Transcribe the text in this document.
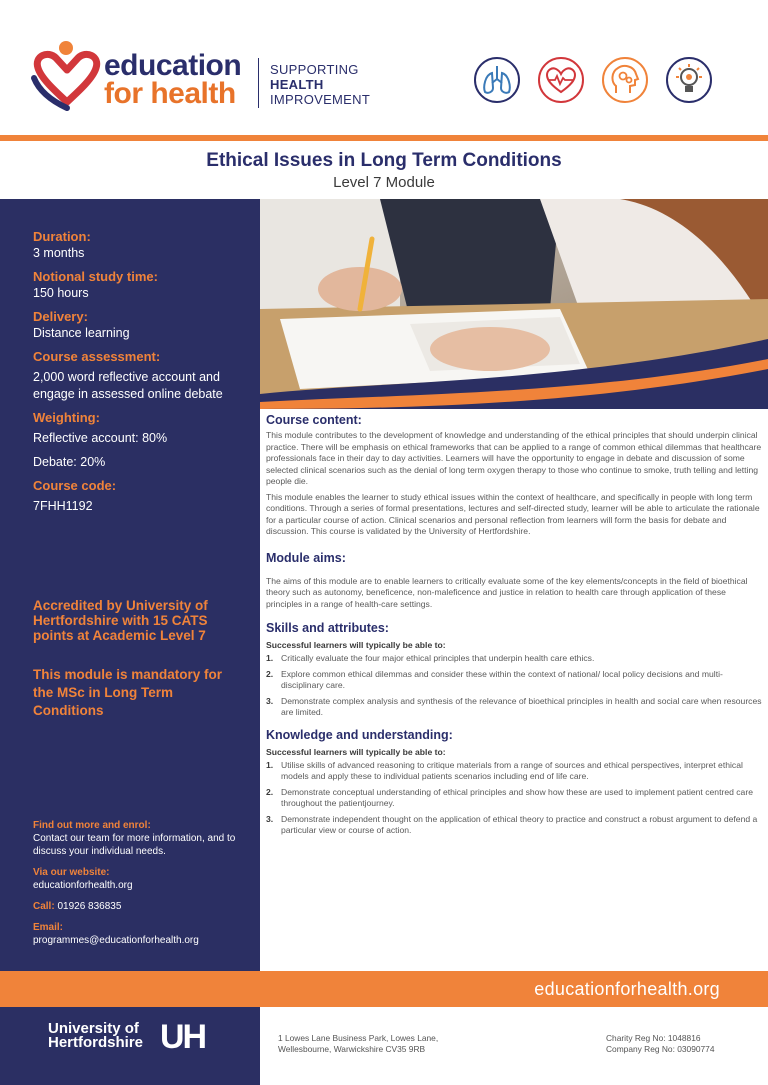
education
for health
SUPPORTING
HEALTH
IMPROVEMENT
Ethical Issues in Long Term Conditions
Level 7 Module
Duration:
3 months
Notional study time:
150 hours
Delivery:
Distance learning
Course assessment:
2,000 word reflective account and engage in assessed online debate
Weighting:
Reflective account: 80%
Debate: 20%
Course code:
7FHH1192
Accredited by University of Hertfordshire with 15 CATS points at Academic Level 7
This module is mandatory for the MSc in Long Term Conditions
Find out more and enrol:
Contact our team for more information, and to discuss your individual needs.
Via our website:
educationforhealth.org
Call: 01926 836835
Email:
programmes@educationforhealth.org
Course content:
This module contributes to the development of knowledge and understanding of the ethical principles that should underpin clinical practice. There will be emphasis on ethical frameworks that can be applied to a range of common ethical dilemmas that healthcare professionals face in their day to day activities. Learners will have the opportunity to engage in debate and discussion of some selected clinical scenarios such as the denial of long term oxygen therapy to those who continue to smoke, truth telling and letting people die.
This module enables the learner to study ethical issues within the context of healthcare, and specifically in people with long term conditions. Through a series of formal presentations, lectures and self-directed study, learner will be able to articulate the rationale for a particular course of action. Clinical scenarios and personal reflection from learners will form the basis for debate and discussion. This course is validated by the University of Hertfordshire.
Module aims:
The aims of this module are to enable learners to critically evaluate some of the key elements/concepts in the field of bioethical theory such as autonomy, beneficence, non-maleficence and justice in relation to health care through application of these principles in a range of health-care settings.
Skills and attributes:
Successful learners will typically be able to:
1. Critically evaluate the four major ethical principles that underpin health care ethics.
2. Explore common ethical dilemmas and consider these within the context of national/ local policy decisions and multi-disciplinary care.
3. Demonstrate complex analysis and synthesis of the relevance of bioethical principles in health and social care when resources are limited.
Knowledge and understanding:
Successful learners will typically be able to:
1. Utilise skills of advanced reasoning to critique materials from a range of sources and ethical perspectives, interpret ethical models and apply these to individual patients scenarios including end of life care.
2. Demonstrate conceptual understanding of ethical principles and show how these are used to implement patient centred care throughout the patientjourney.
3. Demonstrate independent thought on the application of ethical theory to practice and construct a robust argument to defend a particular view or course of action.
educationforhealth.org
University of
Hertfordshire UH	1 Lowes Lane Business Park, Lowes Lane,
Wellesbourne, Warwickshire CV35 9RB
Charity Reg No: 1048816
Company Reg No: 03090774
